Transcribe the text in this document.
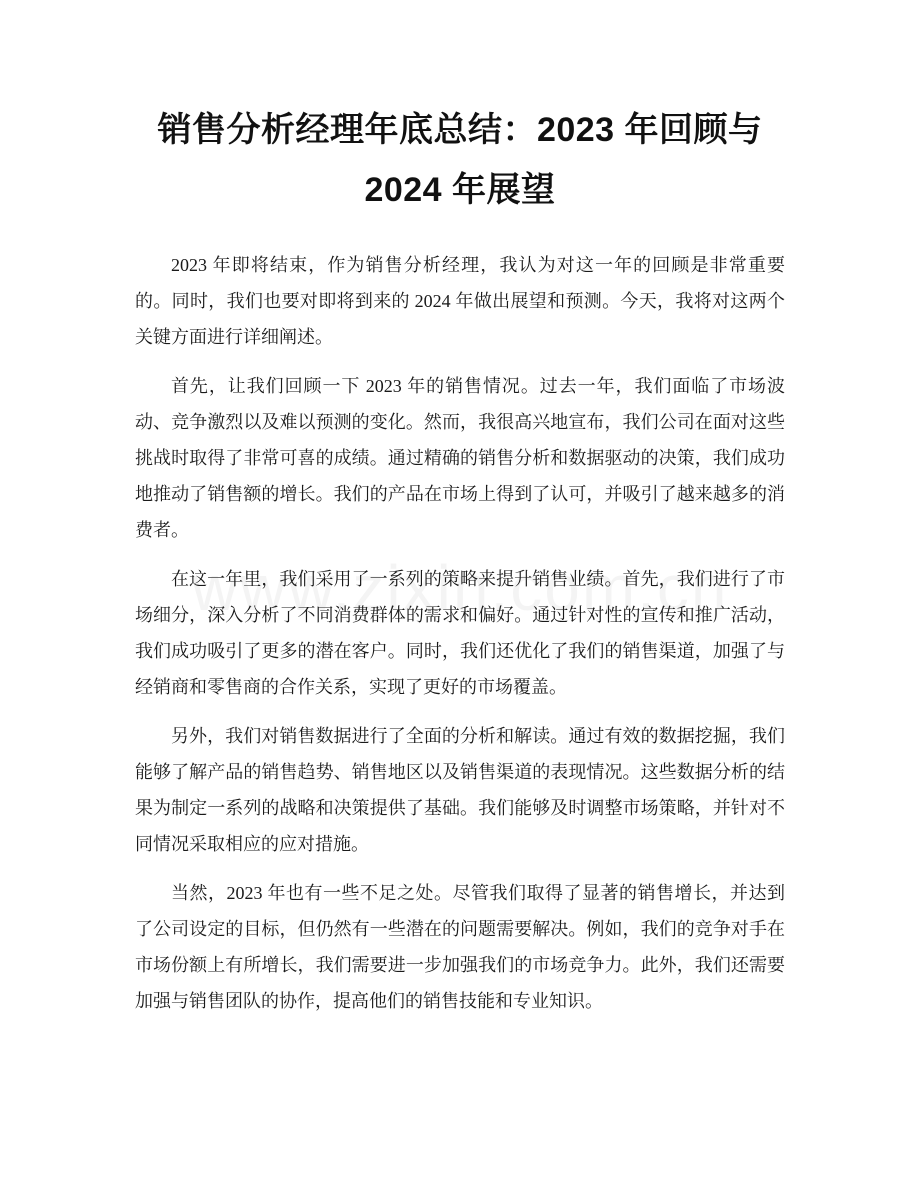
销售分析经理年底总结：2023 年回顾与 2024 年展望

2023 年即将结束，作为销售分析经理，我认为对这一年的回顾是非常重要的。同时，我们也要对即将到来的 2024 年做出展望和预测。今天，我将对这两个关键方面进行详细阐述。

首先，让我们回顾一下 2023 年的销售情况。过去一年，我们面临了市场波动、竞争激烈以及难以预测的变化。然而，我很高兴地宣布，我们公司在面对这些挑战时取得了非常可喜的成绩。通过精确的销售分析和数据驱动的决策，我们成功地推动了销售额的增长。我们的产品在市场上得到了认可，并吸引了越来越多的消费者。

在这一年里，我们采用了一系列的策略来提升销售业绩。首先，我们进行了市场细分，深入分析了不同消费群体的需求和偏好。通过针对性的宣传和推广活动，我们成功吸引了更多的潜在客户。同时，我们还优化了我们的销售渠道，加强了与经销商和零售商的合作关系，实现了更好的市场覆盖。

另外，我们对销售数据进行了全面的分析和解读。通过有效的数据挖掘，我们能够了解产品的销售趋势、销售地区以及销售渠道的表现情况。这些数据分析的结果为制定一系列的战略和决策提供了基础。我们能够及时调整市场策略，并针对不同情况采取相应的应对措施。

当然，2023 年也有一些不足之处。尽管我们取得了显著的销售增长，并达到了公司设定的目标，但仍然有一些潜在的问题需要解决。例如，我们的竞争对手在市场份额上有所增长，我们需要进一步加强我们的市场竞争力。此外，我们还需要加强与销售团队的协作，提高他们的销售技能和专业知识。
